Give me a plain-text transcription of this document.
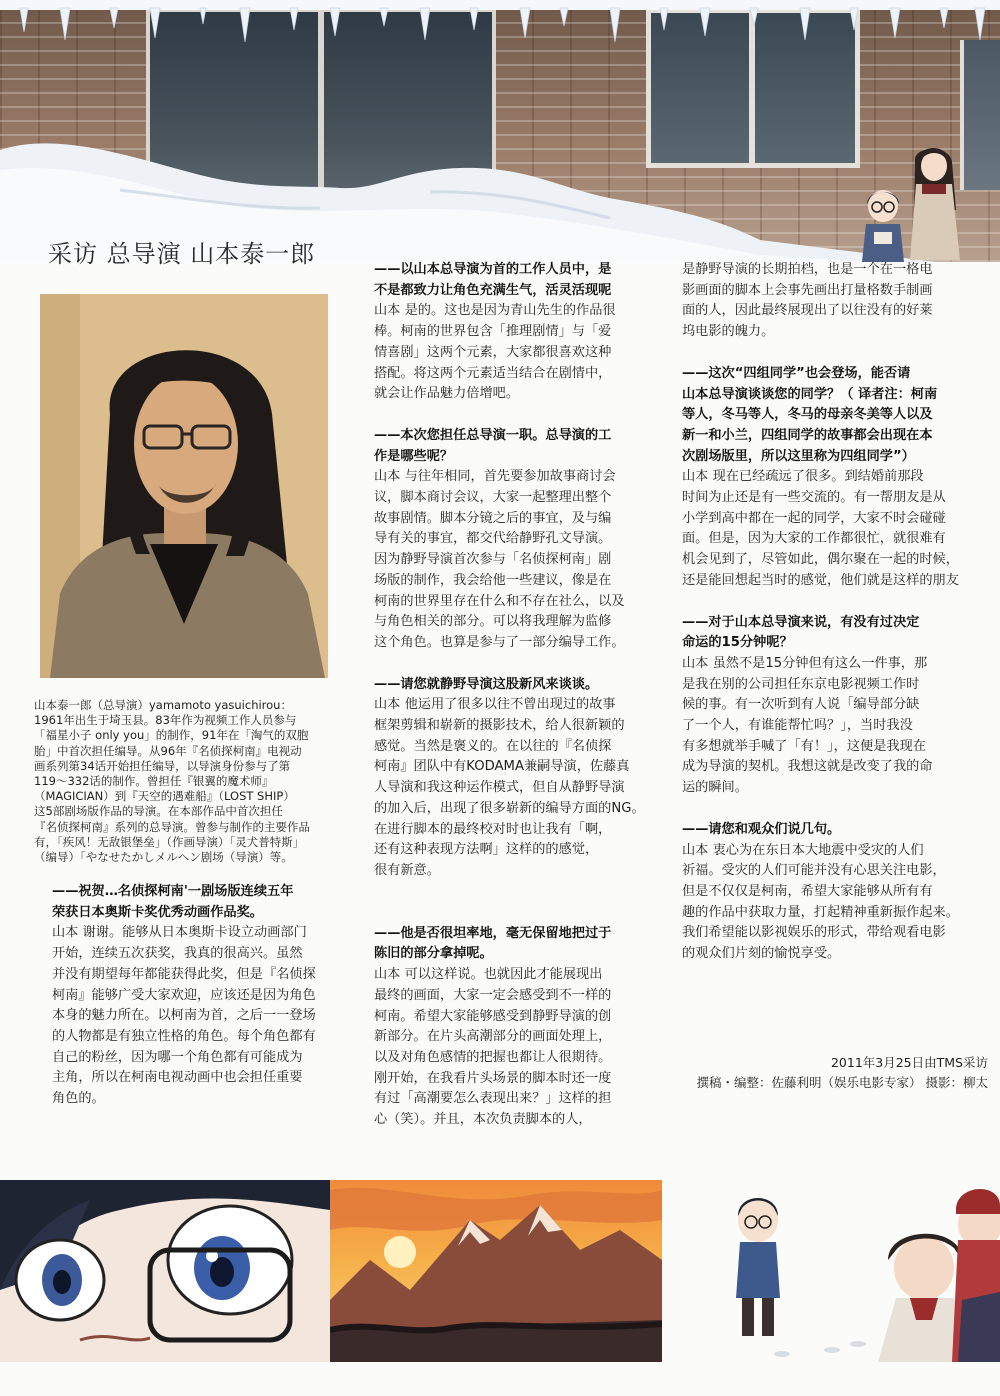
采访 总导演 山本泰一郎
山本泰一郎（总导演）yamamoto yasuichirou：
1961年出生于埼玉县。83年作为视频工作人员参与
「福星小子 only you」的制作，91年在「淘气的双胞
胎」中首次担任编导。从96年『名侦探柯南』电视动
画系列第34话开始担任编导，以导演身份参与了第
119～332话的制作。曾担任『银翼的魔术师』
（MAGICIAN）到『天空的遇难船』（LOST SHIP）
这5部剧场版作品的导演。在本部作品中首次担任
『名侦探柯南』系列的总导演。曾参与制作的主要作品
有，「疾风！无敌银堡垒」（作画导演）「灵犬普特斯」
（编导）「やなせたかしメルヘン剧场（导演）等。

——祝贺…名侦探柯南'一剧场版连续五年
荣获日本奥斯卡奖优秀动画作品奖。

山本 谢谢。能够从日本奥斯卡设立动画部门
开始，连续五次获奖，我真的很高兴。虽然
并没有期望每年都能获得此奖，但是『名侦探
柯南』能够广受大家欢迎，应该还是因为角色
本身的魅力所在。以柯南为首，之后一一登场
的人物都是有独立性格的角色。每个角色都有
自己的粉丝，因为哪一个角色都有可能成为
主角，所以在柯南电视动画中也会担任重要
角色的。

——以山本总导演为首的工作人员中，是
不是都致力让角色充满生气，活灵活现呢

山本 是的。这也是因为青山先生的作品很
棒。柯南的世界包含「推理剧情」与「爱
情喜剧」这两个元素，大家都很喜欢这种
搭配。将这两个元素适当结合在剧情中，
就会让作品魅力倍增吧。

——本次您担任总导演一职。总导演的工
作是哪些呢？

山本 与往年相同，首先要参加故事商讨会
议，脚本商讨会议，大家一起整理出整个
故事剧情。脚本分镜之后的事宜，及与编
导有关的事宜，都交代给静野孔文导演。
因为静野导演首次参与「名侦探柯南」剧
场版的制作，我会给他一些建议，像是在
柯南的世界里存在什么和不存在社么，以及
与角色相关的部分。可以将我理解为监修
这个角色。也算是参与了一部分编导工作。

——请您就静野导演这股新风来谈谈。

山本 他运用了很多以往不曾出现过的故事
框架剪辑和崭新的摄影技术，给人很新颖的
感觉。当然是褒义的。在以往的『名侦探
柯南』团队中有KODAMA兼嗣导演，佐藤真
人导演和我这种运作模式，但自从静野导演
的加入后，出现了很多崭新的编导方面的NG。
在进行脚本的最终校对时也让我有「啊，
还有这种表现方法啊」这样的的感觉，
很有新意。

——他是否很坦率地，毫无保留地把过于
陈旧的部分拿掉呢。

山本 可以这样说。也就因此才能展现出
最终的画面，大家一定会感受到不一样的
柯南。希望大家能够感受到静野导演的创
新部分。在片头高潮部分的画面处理上，
以及对角色感情的把握也都让人很期待。
刚开始，在我看片头场景的脚本时还一度
有过「高潮要怎么表现出来？」这样的担
心（笑）。并且，本次负责脚本的人，

是静野导演的长期拍档，也是一个在一格电
影画面的脚本上会事先画出打量格数手制画
面的人，因此最终展现出了以往没有的好莱
坞电影的魄力。

——这次“四组同学”也会登场，能否请
山本总导演谈谈您的同学？（ 译者注：柯南
等人，冬马等人，冬马的母亲冬美等人以及
新一和小兰，四组同学的故事都会出现在本
次剧场版里，所以这里称为四组同学”）

山本 现在已经疏远了很多。到结婚前那段
时间为止还是有一些交流的。有一帮朋友是从
小学到高中都在一起的同学，大家不时会碰碰
面。但是，因为大家的工作都很忙，就很难有
机会见到了，尽管如此，偶尔聚在一起的时候，
还是能回想起当时的感觉，他们就是这样的朋友

——对于山本总导演来说，有没有过决定
命运的15分钟呢？

山本 虽然不是15分钟但有这么一件事，那
是我在别的公司担任东京电影视频工作时
候的事。有一次听到有人说「编导部分缺
了一个人，有谁能帮忙吗？」，当时我没
有多想就举手喊了「有！」，这便是我现在
成为导演的契机。我想这就是改变了我的命
运的瞬间。

——请您和观众们说几句。

山本 衷心为在东日本大地震中受灾的人们
祈福。受灾的人们可能并没有心思关注电影，
但是不仅仅是柯南，希望大家能够从所有有
趣的作品中获取力量，打起精神重新振作起来。
我们希望能以影视娱乐的形式，带给观看电影
的观众们片刻的愉悦享受。

2011年3月25日由TMS采访
撰稿・编整：佐藤利明（娱乐电影专家） 摄影：柳太
